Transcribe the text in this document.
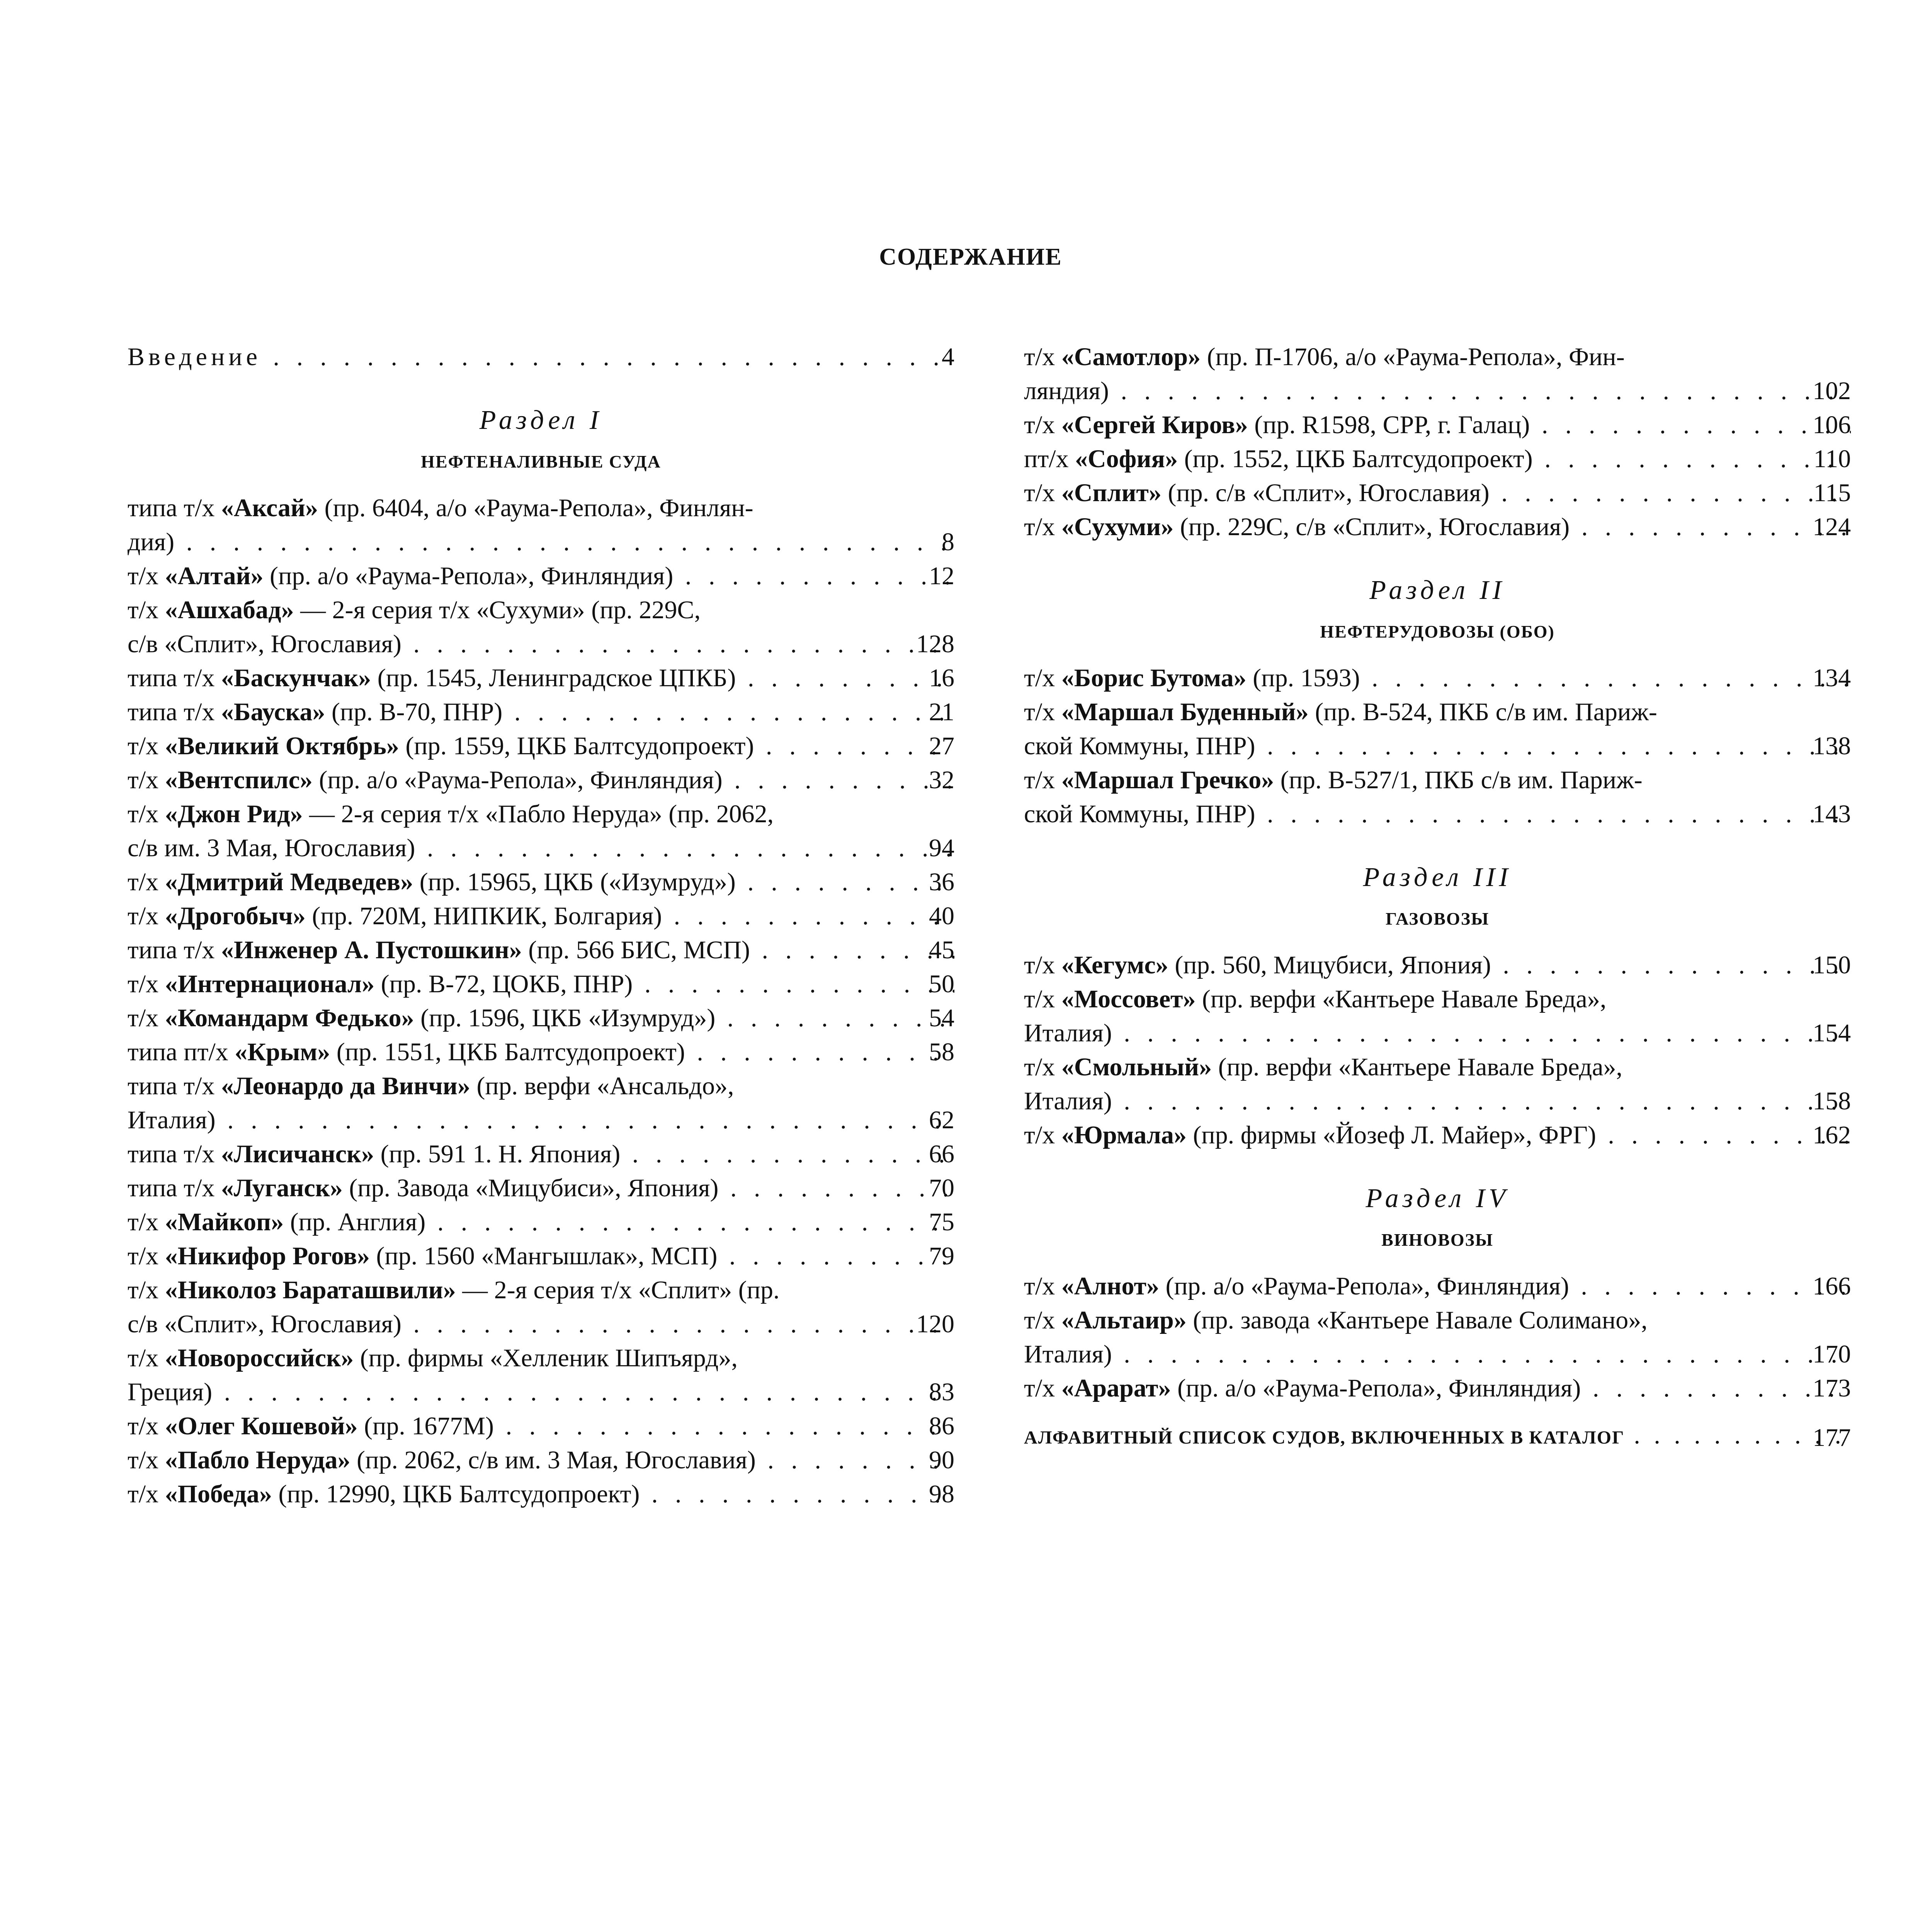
СОДЕРЖАНИЕ
Введение . . .	4
Раздел I
НЕФТЕНАЛИВНЫЕ СУДА
типа т/х «Аксай» (пр. 6404, а/о «Раума-Репола», Финлян-
дия) . . .	8
т/х «Алтай» (пр. а/о «Раума-Репола», Финляндия) . . .	12
т/х «Ашхабад» — 2-я серия т/х «Сухуми» (пр. 229С,
с/в «Сплит», Югославия) . . .	128
типа т/х «Баскунчак» (пр. 1545, Ленинградское ЦПКБ) . . .	16
типа т/х «Бауска» (пр. В-70, ПНР) . . .	21
т/х «Великий Октябрь» (пр. 1559, ЦКБ Балтсудопроект) . . .	27
т/х «Вентспилс» (пр. а/о «Раума-Репола», Финляндия) . . .	32
т/х «Джон Рид» — 2-я серия т/х «Пабло Неруда» (пр. 2062,
с/в им. 3 Мая, Югославия) . . .	94
т/х «Дмитрий Медведев» (пр. 15965, ЦКБ («Изумруд») . . .	36
т/х «Дрогобыч» (пр. 720М, НИПКИК, Болгария) . . .	40
типа т/х «Инженер А. Пустошкин» (пр. 566 БИС, МСП) . . .	45
т/х «Интернационал» (пр. В-72, ЦОКБ, ПНР) . . .	50
т/х «Командарм Федько» (пр. 1596, ЦКБ «Изумруд») . . .	54
типа пт/х «Крым» (пр. 1551, ЦКБ Балтсудопроект) . . .	58
типа т/х «Леонардо да Винчи» (пр. верфи «Ансальдо»,
Италия) . . .	62
типа т/х «Лисичанск» (пр. 591 1. Н. Япония) . . .	66
типа т/х «Луганск» (пр. Завода «Мицубиси», Япония) . . .	70
т/х «Майкоп» (пр. Англия) . . .	75
т/х «Никифор Рогов» (пр. 1560 «Мангышлак», МСП) . . .	79
т/х «Николоз Бараташвили» — 2-я серия т/х «Сплит» (пр.
с/в «Сплит», Югославия) . . .	120
т/х «Новороссийск» (пр. фирмы «Хелленик Шипъярд»,
Греция) . . .	83
т/х «Олег Кошевой» (пр. 1677М) . . .	86
т/х «Пабло Неруда» (пр. 2062, с/в им. 3 Мая, Югославия) . . .	90
т/х «Победа» (пр. 12990, ЦКБ Балтсудопроект) . . .	98
т/х «Самотлор» (пр. П-1706, а/о «Раума-Репола», Фин-
ляндия) . . .	102
т/х «Сергей Киров» (пр. R1598, СРР, г. Галац) . . .	106
пт/х «София» (пр. 1552, ЦКБ Балтсудопроект) . . .	110
т/х «Сплит» (пр. с/в «Сплит», Югославия) . . .	115
т/х «Сухуми» (пр. 229С, с/в «Сплит», Югославия) . . .	124
Раздел II
НЕФТЕРУДОВОЗЫ (ОБО)
т/х «Борис Бутома» (пр. 1593) . . .	134
т/х «Маршал Буденный» (пр. В-524, ПКБ с/в им. Париж-
ской Коммуны, ПНР) . . .	138
т/х «Маршал Гречко» (пр. В-527/1, ПКБ с/в им. Париж-
ской Коммуны, ПНР) . . .	143
Раздел III
ГАЗОВОЗЫ
т/х «Кегумс» (пр. 560, Мицубиси, Япония) . . .	150
т/х «Моссовет» (пр. верфи «Кантьере Навале Бреда»,
Италия) . . .	154
т/х «Смольный» (пр. верфи «Кантьере Навале Бреда»,
Италия) . . .	158
т/х «Юрмала» (пр. фирмы «Йозеф Л. Майер», ФРГ) . . .	162
Раздел IV
ВИНОВОЗЫ
т/х «Алнот» (пр. а/о «Раума-Репола», Финляндия) . . .	166
т/х «Альтаир» (пр. завода «Кантьере Навале Солимано»,
Италия) . . .	170
т/х «Арарат» (пр. а/о «Раума-Репола», Финляндия) . . .	173
АЛФАВИТНЫЙ СПИСОК СУДОВ, ВКЛЮЧЕННЫХ В КАТАЛОГ . . .	177
